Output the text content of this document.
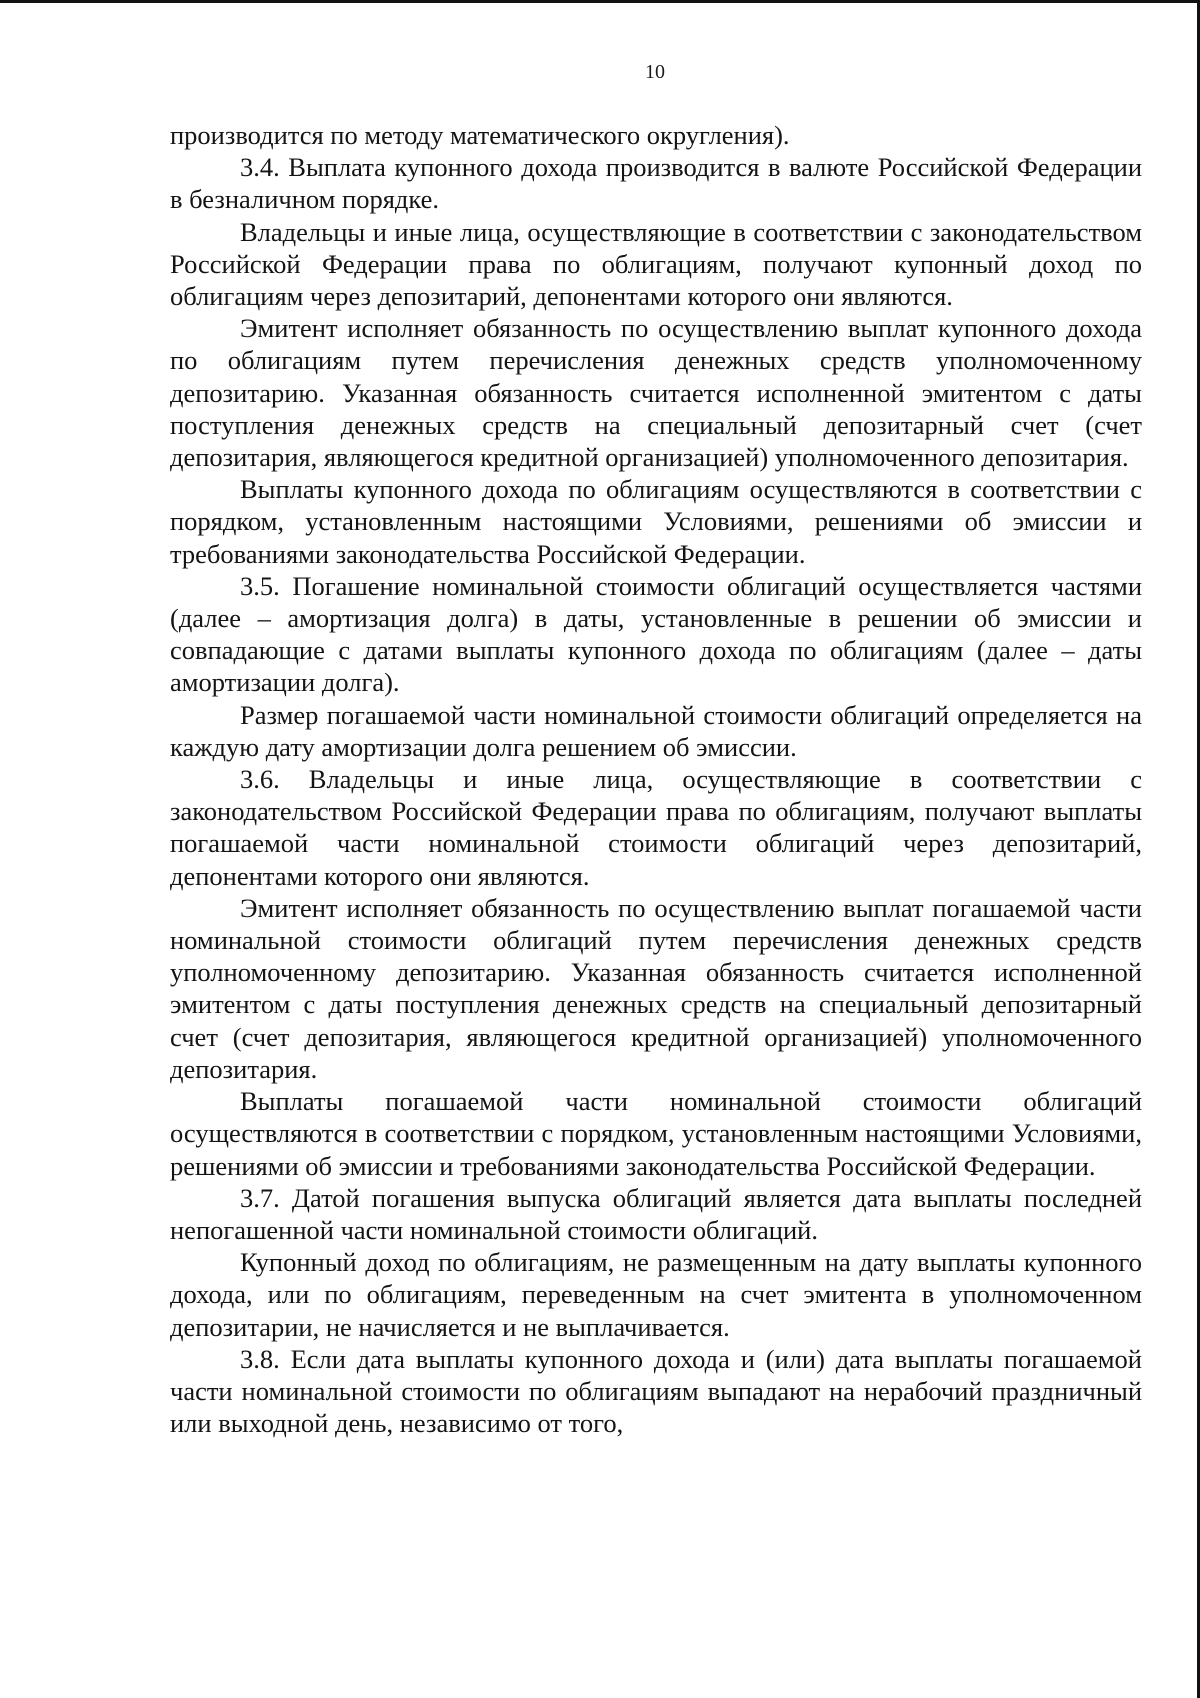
10

производится по методу математического округления).

3.4. Выплата купонного дохода производится в валюте Российской Федерации в безналичном порядке.

Владельцы и иные лица, осуществляющие в соответствии с законодательством Российской Федерации права по облигациям, получают купонный доход по облигациям через депозитарий, депонентами которого они являются.

Эмитент исполняет обязанность по осуществлению выплат купонного дохода по облигациям путем перечисления денежных средств уполномоченному депозитарию. Указанная обязанность считается исполненной эмитентом с даты поступления денежных средств на специальный депозитарный счет (счет депозитария, являющегося кредитной организацией) уполномоченного депозитария.

Выплаты купонного дохода по облигациям осуществляются в соответствии с порядком, установленным настоящими Условиями, решениями об эмиссии и требованиями законодательства Российской Федерации.

3.5. Погашение номинальной стоимости облигаций осуществляется частями (далее – амортизация долга) в даты, установленные в решении об эмиссии и совпадающие с датами выплаты купонного дохода по облигациям (далее – даты амортизации долга).

Размер погашаемой части номинальной стоимости облигаций определяется на каждую дату амортизации долга решением об эмиссии.

3.6. Владельцы и иные лица, осуществляющие в соответствии с законодательством Российской Федерации права по облигациям, получают выплаты погашаемой части номинальной стоимости облигаций через депозитарий, депонентами которого они являются.

Эмитент исполняет обязанность по осуществлению выплат погашаемой части номинальной стоимости облигаций путем перечисления денежных средств уполномоченному депозитарию. Указанная обязанность считается исполненной эмитентом с даты поступления денежных средств на специальный депозитарный счет (счет депозитария, являющегося кредитной организацией) уполномоченного депозитария.

Выплаты погашаемой части номинальной стоимости облигаций осуществляются в соответствии с порядком, установленным настоящими Условиями, решениями об эмиссии и требованиями законодательства Российской Федерации.

3.7. Датой погашения выпуска облигаций является дата выплаты последней непогашенной части номинальной стоимости облигаций.

Купонный доход по облигациям, не размещенным на дату выплаты купонного дохода, или по облигациям, переведенным на счет эмитента в уполномоченном депозитарии, не начисляется и не выплачивается.

3.8. Если дата выплаты купонного дохода и (или) дата выплаты погашаемой части номинальной стоимости по облигациям выпадают на нерабочий праздничный или выходной день, независимо от того,
